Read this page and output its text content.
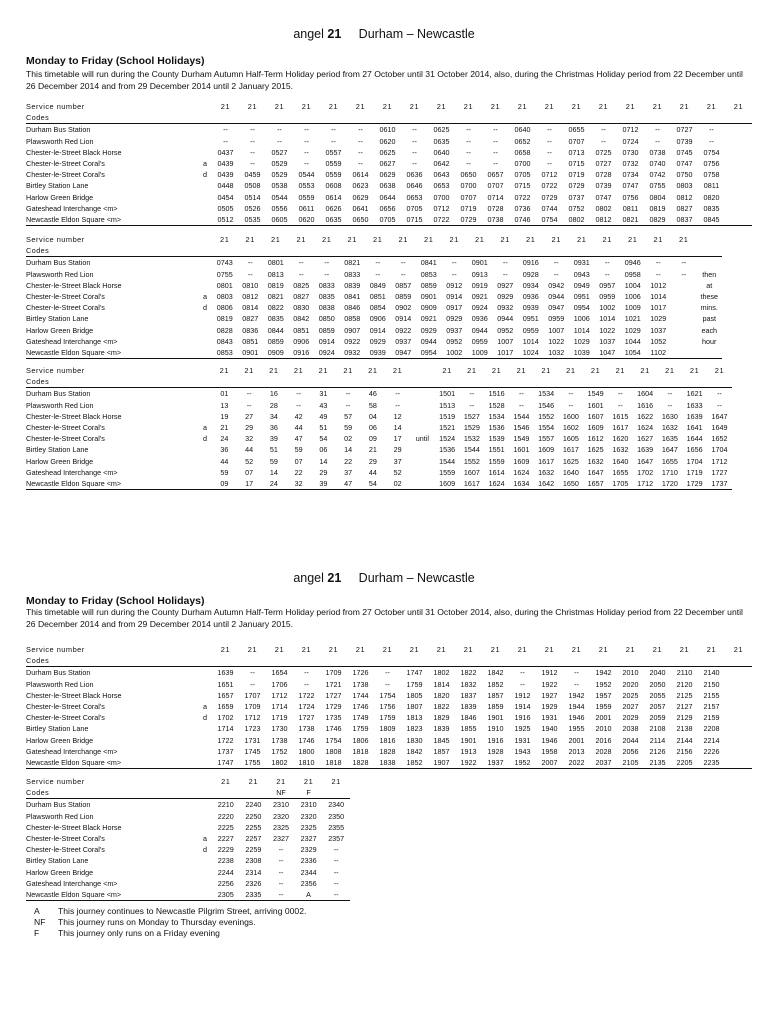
angel 21 Durham – Newcastle
Monday to Friday (School Holidays)
This timetable will run during the County Durham Autumn Half-Term Holiday period from 27 October until 31 October 2014, also, during the Christmas Holiday period from 22 December until 26 December 2014 and from 29 December 2014 until 2 January 2015.
Service number		21	21	21	21	21	21	21	21	21	21	21	21	21	21	21	21	21	21	21	21
Codes																					
Durham Bus Station		--	--	--	--	--	--	0610	--	0625	--	--	0640	--	0655	--	0712	--	0727	--	
Plawsworth Red Lion		--	--	--	--	--	--	0620	--	0635	--	--	0652	--	0707	--	0724	--	0739	--	
Chester-le-Street Black Horse		0437	--	0527	--	0557	--	0625	--	0640	--	--	0658	--	0713	0725	0730	0738	0745	0754	
Chester-le-Street Coral's	a	0439	--	0529	--	0559	--	0627	--	0642	--	--	0700	--	0715	0727	0732	0740	0747	0756	
Chester-le-Street Coral's	d	0439	0459	0529	0544	0559	0614	0629	0636	0643	0650	0657	0705	0712	0719	0728	0734	0742	0750	0758	
Birtley Station Lane		0448	0508	0538	0553	0608	0623	0638	0646	0653	0700	0707	0715	0722	0729	0739	0747	0755	0803	0811	
Harlow Green Bridge		0454	0514	0544	0559	0614	0629	0644	0653	0700	0707	0714	0722	0729	0737	0747	0756	0804	0812	0820	
Gateshead Interchange <m>		0505	0526	0556	0611	0626	0641	0656	0705	0712	0719	0728	0736	0744	0752	0802	0811	0819	0827	0835	
Newcastle Eldon Square <m>		0512	0535	0605	0620	0635	0650	0705	0715	0722	0729	0738	0746	0754	0802	0812	0821	0829	0837	0845	
Service number		21	21	21	21	21	21	21	21	21	21	21	21	21	21	21	21	21	21	21	
Codes																					
Durham Bus Station		0743	--	0801	--	--	0821	--	--	0841	--	0901	--	0916	--	0931	--	0946	--	--	
Plawsworth Red Lion		0755	--	0813	--	--	0833	--	--	0853	--	0913	--	0928	--	0943	--	0958	--	--	then
Chester-le-Street Black Horse		0801	0810	0819	0825	0833	0839	0849	0857	0859	0912	0919	0927	0934	0942	0949	0957	1004	1012		at
Chester-le-Street Coral's	a	0803	0812	0821	0827	0835	0841	0851	0859	0901	0914	0921	0929	0936	0944	0951	0959	1006	1014		these
Chester-le-Street Coral's	d	0806	0814	0822	0830	0838	0846	0854	0902	0909	0917	0924	0932	0939	0947	0954	1002	1009	1017		mins.
Birtley Station Lane		0819	0827	0835	0842	0850	0858	0906	0914	0921	0929	0936	0944	0951	0959	1006	1014	1021	1029		past
Harlow Green Bridge		0828	0836	0844	0851	0859	0907	0914	0922	0929	0937	0944	0952	0959	1007	1014	1022	1029	1037		each
Gateshead Interchange <m>		0843	0851	0859	0906	0914	0922	0929	0937	0944	0952	0959	1007	1014	1022	1029	1037	1044	1052		hour
Newcastle Eldon Square <m>		0853	0901	0909	0916	0924	0932	0939	0947	0954	1002	1009	1017	1024	1032	1039	1047	1054	1102		
Service number		21	21	21	21	21	21	21	21		21	21	21	21	21	21	21	21	21	21	21	21
Codes																						
Durham Bus Station		01	--	16	--	31	--	46	--		1501	--	1516	--	1534	--	1549	--	1604	--	1621	--
Plawsworth Red Lion		13	--	28	--	43	--	58	--		1513	--	1528	--	1546	--	1601	--	1616	--	1633	--
Chester-le-Street Black Horse		19	27	34	42	49	57	04	12		1519	1527	1534	1544	1552	1600	1607	1615	1622	1630	1639	1647
Chester-le-Street Coral's	a	21	29	36	44	51	59	06	14		1521	1529	1536	1546	1554	1602	1609	1617	1624	1632	1641	1649
Chester-le-Street Coral's	d	24	32	39	47	54	02	09	17	until	1524	1532	1539	1549	1557	1605	1612	1620	1627	1635	1644	1652
Birtley Station Lane		36	44	51	59	06	14	21	29		1536	1544	1551	1601	1609	1617	1625	1632	1639	1647	1656	1704
Harlow Green Bridge		44	52	59	07	14	22	29	37		1544	1552	1559	1609	1617	1625	1632	1640	1647	1655	1704	1712
Gateshead Interchange <m>		59	07	14	22	29	37	44	52		1559	1607	1614	1624	1632	1640	1647	1655	1702	1710	1719	1727
Newcastle Eldon Square <m>		09	17	24	32	39	47	54	02		1609	1617	1624	1634	1642	1650	1657	1705	1712	1720	1729	1737
angel 21 Durham – Newcastle
Monday to Friday (School Holidays)
This timetable will run during the County Durham Autumn Half-Term Holiday period from 27 October until 31 October 2014, also, during the Christmas Holiday period from 22 December until 26 December 2014 and from 29 December 2014 until 2 January 2015.
Service number		21	21	21	21	21	21	21	21	21	21	21	21	21	21	21	21	21	21	21	21
Codes																					
Durham Bus Station		1639	--	1654	--	1709	1726	--	1747	1802	1822	1842	--	1912	--	1942	2010	2040	2110	2140	
Plawsworth Red Lion		1651	--	1706	--	1721	1738	--	1759	1814	1832	1852	--	1922	--	1952	2020	2050	2120	2150	
Chester-le-Street Black Horse		1657	1707	1712	1722	1727	1744	1754	1805	1820	1837	1857	1912	1927	1942	1957	2025	2055	2125	2155	
Chester-le-Street Coral's	a	1659	1709	1714	1724	1729	1746	1756	1807	1822	1839	1859	1914	1929	1944	1959	2027	2057	2127	2157	
Chester-le-Street Coral's	d	1702	1712	1719	1727	1735	1749	1759	1813	1829	1846	1901	1916	1931	1946	2001	2029	2059	2129	2159	
Birtley Station Lane		1714	1723	1730	1738	1746	1759	1809	1823	1839	1855	1910	1925	1940	1955	2010	2038	2108	2138	2208	
Harlow Green Bridge		1722	1731	1738	1746	1754	1806	1816	1830	1845	1901	1916	1931	1946	2001	2016	2044	2114	2144	2214	
Gateshead Interchange <m>		1737	1745	1752	1800	1808	1818	1828	1842	1857	1913	1928	1943	1958	2013	2028	2056	2126	2156	2226	
Newcastle Eldon Square <m>		1747	1755	1802	1810	1818	1828	1838	1852	1907	1922	1937	1952	2007	2022	2037	2105	2135	2205	2235	
Service number		21	21	21	21	21
Codes				NF	F	
Durham Bus Station		2210	2240	2310	2310	2340
Plawsworth Red Lion		2220	2250	2320	2320	2350
Chester-le-Street Black Horse		2225	2255	2325	2325	2355
Chester-le-Street Coral's	a	2227	2257	2327	2327	2357
Chester-le-Street Coral's	d	2229	2259	--	2329	--
Birtley Station Lane		2238	2308	--	2336	--
Harlow Green Bridge		2244	2314	--	2344	--
Gateshead Interchange <m>		2256	2326	--	2356	--
Newcastle Eldon Square <m>		2305	2335	--	A	--
A	This journey continues to Newcastle Pilgrim Street, arriving 0002.
NF	This journey runs on Monday to Thursday evenings.
F	This journey only runs on a Friday evening
